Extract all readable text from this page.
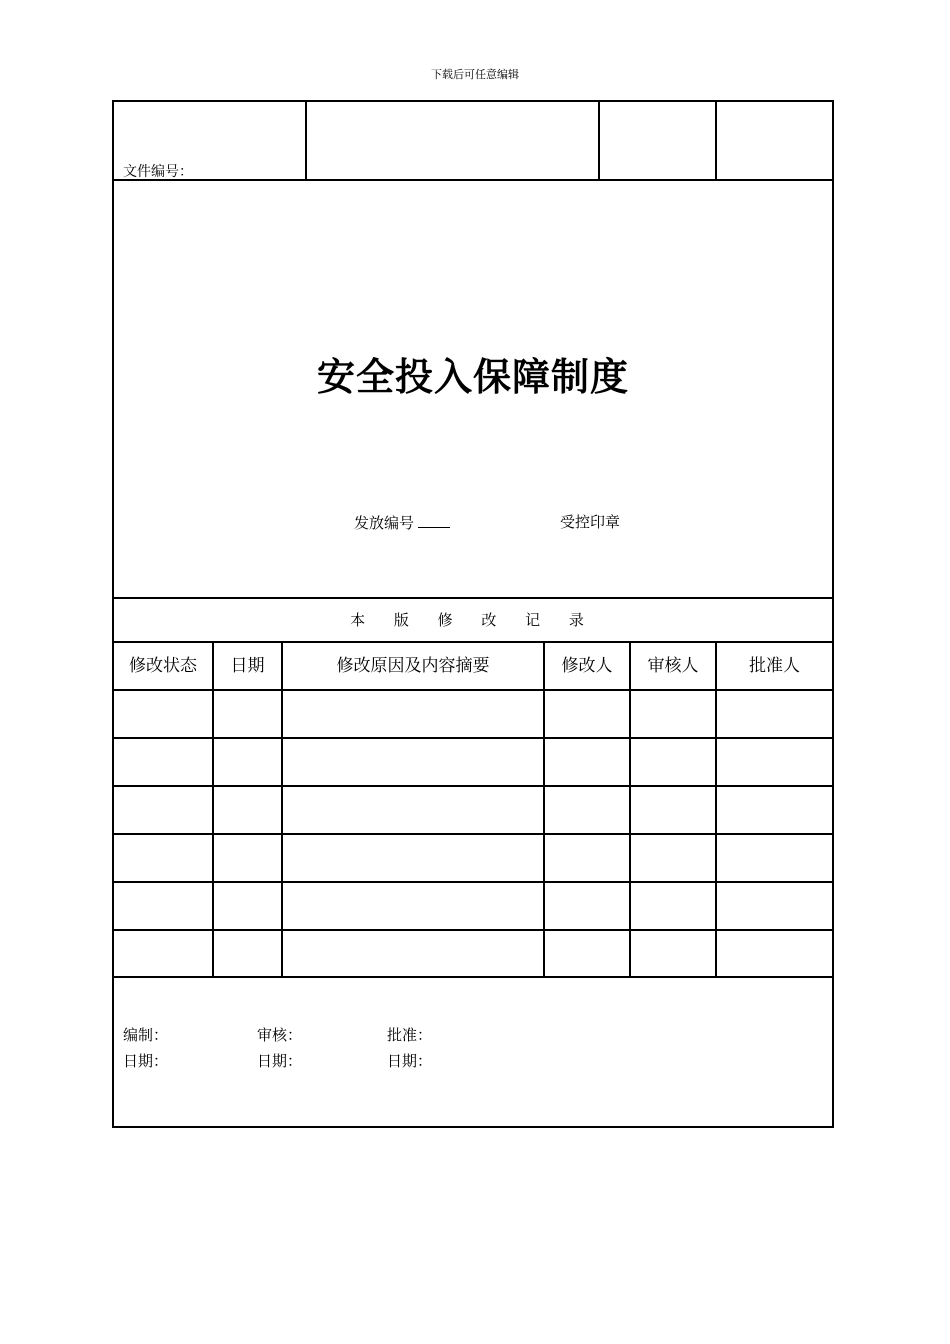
下载后可任意编辑
文件编号：
安全投入保障制度
发放编号	受控印章
本 版 修 改 记 录
修改状态	日期	修改原因及内容摘要	修改人	审核人	批准人
编制：	审核：	批准：
日期：	日期：	日期：
